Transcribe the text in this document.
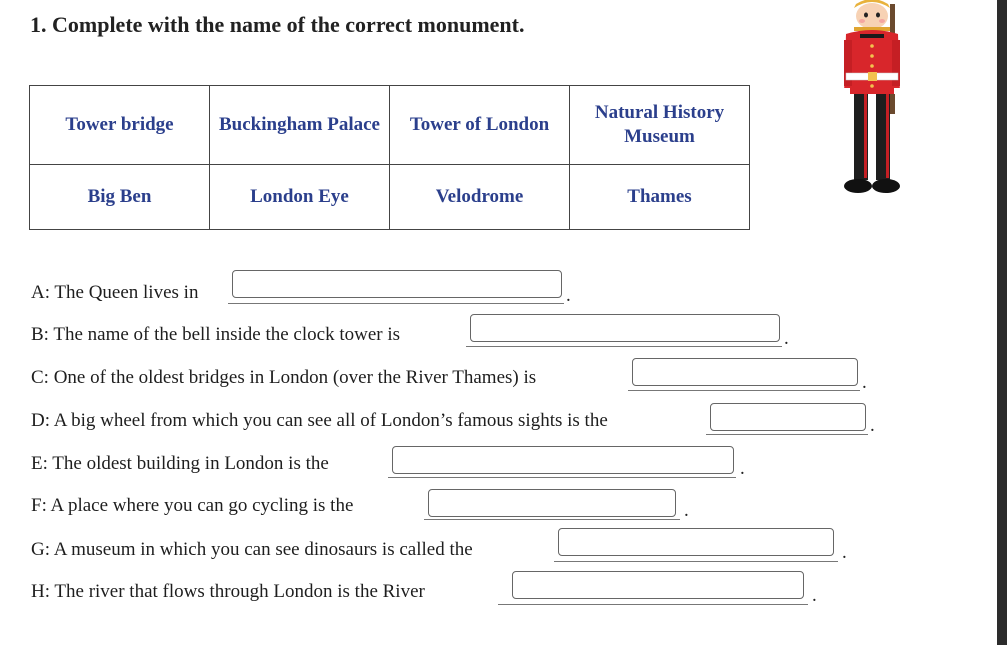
1. Complete with the name of the correct monument.
Tower bridge	Buckingham Palace	Tower of London	Natural History Museum
Big Ben	London Eye	Velodrome	Thames
A: The Queen lives in	.
B: The name of the bell inside the clock tower is	.
C: One of the oldest bridges in London (over the River Thames) is	.
D: A big wheel from which you can see all of London’s famous sights is the	.
E: The oldest building in London is the	.
F: A place where you can go cycling is the	.
G: A museum in which you can see dinosaurs is called the	.
H: The river that flows through London is the River	.
